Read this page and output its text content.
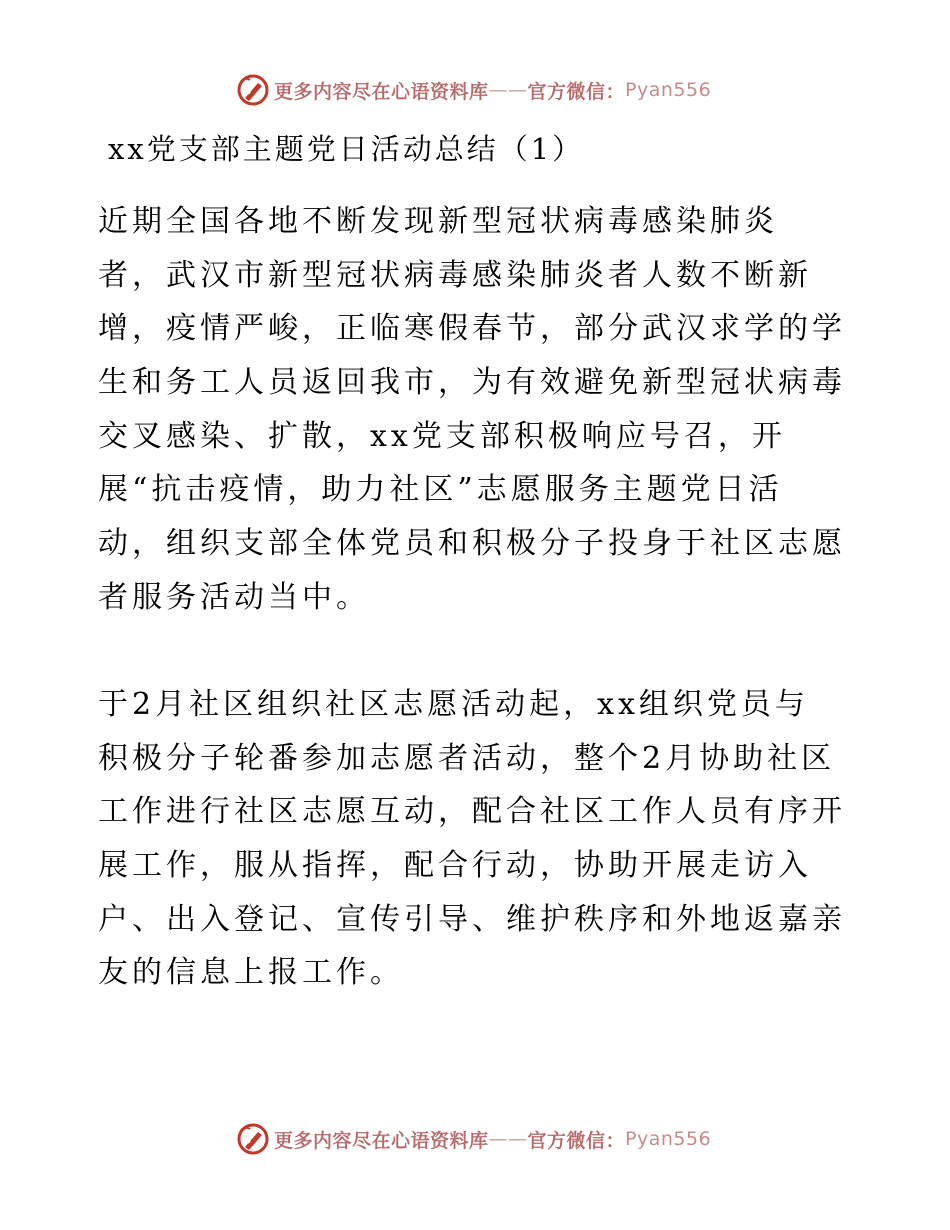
更多内容尽在心语资料库 —— 官方微信： Pyan556
xx党支部主题党日活动总结（1）

近期全国各地不断发现新型冠状病毒感染肺炎
者，武汉市新型冠状病毒感染肺炎者人数不断新
增，疫情严峻，正临寒假春节，部分武汉求学的学
生和务工人员返回我市，为有效避免新型冠状病毒
交叉感染、扩散，xx党支部积极响应号召，开
展“抗击疫情，助力社区”志愿服务主题党日活
动，组织支部全体党员和积极分子投身于社区志愿
者服务活动当中。

于2月社区组织社区志愿活动起，xx组织党员与
积极分子轮番参加志愿者活动，整个2月协助社区
工作进行社区志愿互动，配合社区工作人员有序开
展工作，服从指挥，配合行动，协助开展走访入
户、出入登记、宣传引导、维护秩序和外地返嘉亲
友的信息上报工作。

更多内容尽在心语资料库 —— 官方微信： Pyan556
